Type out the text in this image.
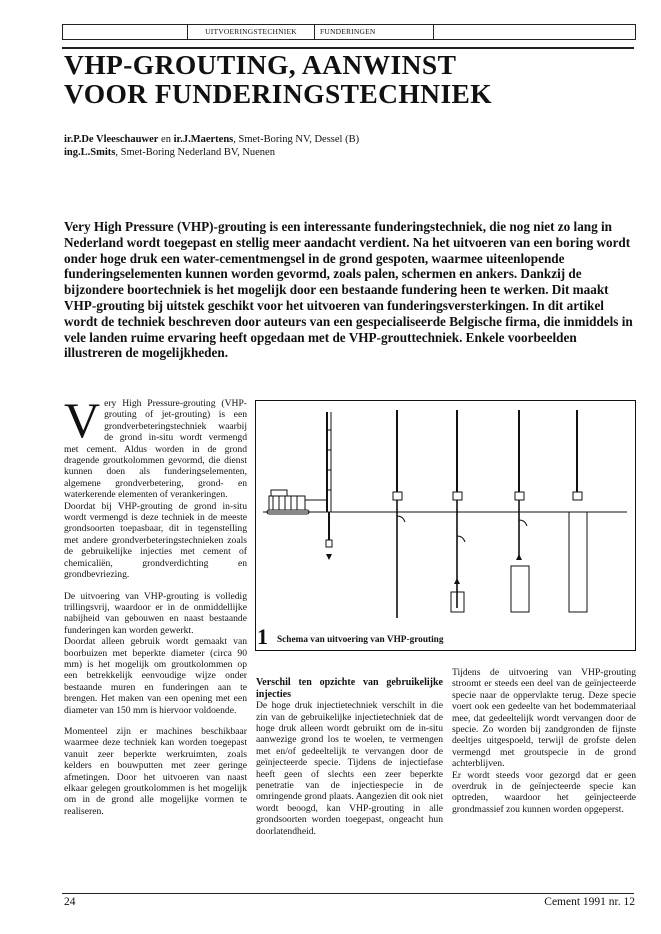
UITVOERINGSTECHNIEK	FUNDERINGEN
VHP-GROUTING, AANWINST
VOOR FUNDERINGSTECHNIEK
ir.P.De Vleeschauwer en ir.J.Maertens, Smet-Boring NV, Dessel (B)
ing.L.Smits, Smet-Boring Nederland BV, Nuenen

Very High Pressure (VHP)-grouting is een interessante funderingstechniek, die nog niet zo lang in Nederland wordt toegepast en stellig meer aandacht verdient. Na het uitvoeren van een boring wordt onder hoge druk een water-cementmengsel in de grond gespoten, waarmee uiteenlopende funderingselementen kunnen worden gevormd, zoals palen, schermen en ankers. Dankzij de bijzondere boortechniek is het mogelijk door een bestaande fundering heen te werken. Dit maakt VHP-grouting bij uitstek geschikt voor het uitvoeren van funderingsversterkingen. In dit artikel wordt de techniek beschreven door auteurs van een gespecialiseerde Belgische firma, die inmiddels in vele landen ruime ervaring heeft opgedaan met de VHP-grouttechniek. Enkele voorbeelden illustreren de mogelijkheden.

Very High Pressure-grouting (VHP-grouting of jet-grouting) is een grondverbeteringstechniek waarbij de grond in-situ wordt vermengd met cement. Aldus worden in de grond dragende groutkolommen gevormd, die dienst kunnen doen als funderingselementen, algemene grondverbetering, grond- en waterkerende elementen of verankeringen.

Doordat bij VHP-grouting de grond in-situ wordt vermengd is deze techniek in de meeste grondsoorten toepasbaar, dit in tegenstelling met andere grondverbeteringstechnieken zoals de gebruikelijke injecties met cement of chemicaliën, grondverdichting en grondbevriezing.

De uitvoering van VHP-grouting is volledig trillingsvrij, waardoor er in de onmiddellijke nabijheid van gebouwen en naast bestaande funderingen kan worden gewerkt.

Doordat alleen gebruik wordt gemaakt van boorbuizen met beperkte diameter (circa 90 mm) is het mogelijk om groutkolommen op een betrekkelijk eenvoudige wijze onder bestaande muren en funderingen aan te brengen. Het maken van een opening met een diameter van 150 mm is hiervoor voldoende.

Momenteel zijn er machines beschikbaar waarmee deze techniek kan worden toegepast vanuit zeer beperkte werkruimten, zoals kelders en bouwputten met zeer geringe afmetingen. Door het uitvoeren van naast elkaar gelegen groutkolommen is het mogelijk om in de grond alle mogelijke vormen te realiseren.

1 Schema van uitvoering van VHP-grouting

Verschil ten opzichte van gebruikelijke injecties

De hoge druk injectietechniek verschilt in die zin van de gebruikelijke injectietechniek dat de hoge druk alleen wordt gebruikt om de in-situ aanwezige grond los te woelen, te vermengen met en/of gedeeltelijk te vervangen door de geïnjecteerde specie. Tijdens de injectiefase heeft geen of slechts een zeer beperkte penetratie van de injectiespecie in de omringende grond plaats. Aangezien dit ook niet wordt beoogd, kan VHP-grouting in alle grondsoorten worden toegepast, ongeacht hun doorlatendheid.

Tijdens de uitvoering van VHP-grouting stroomt er steeds een deel van de geïnjecteerde specie naar de oppervlakte terug. Deze specie voert ook een gedeelte van het bodemmateriaal mee, dat gedeeltelijk wordt vervangen door de specie. Zo worden bij zandgronden de fijnste deeltjes uitgespoeld, terwijl de grofste delen vermengd met groutspecie in de grond achterblijven.

Er wordt steeds voor gezorgd dat er geen overdruk in de geïnjecteerde specie kan optreden, waardoor het geïnjecteerde grondmassief zou kunnen worden opgeperst.

24	Cement 1991 nr. 12
